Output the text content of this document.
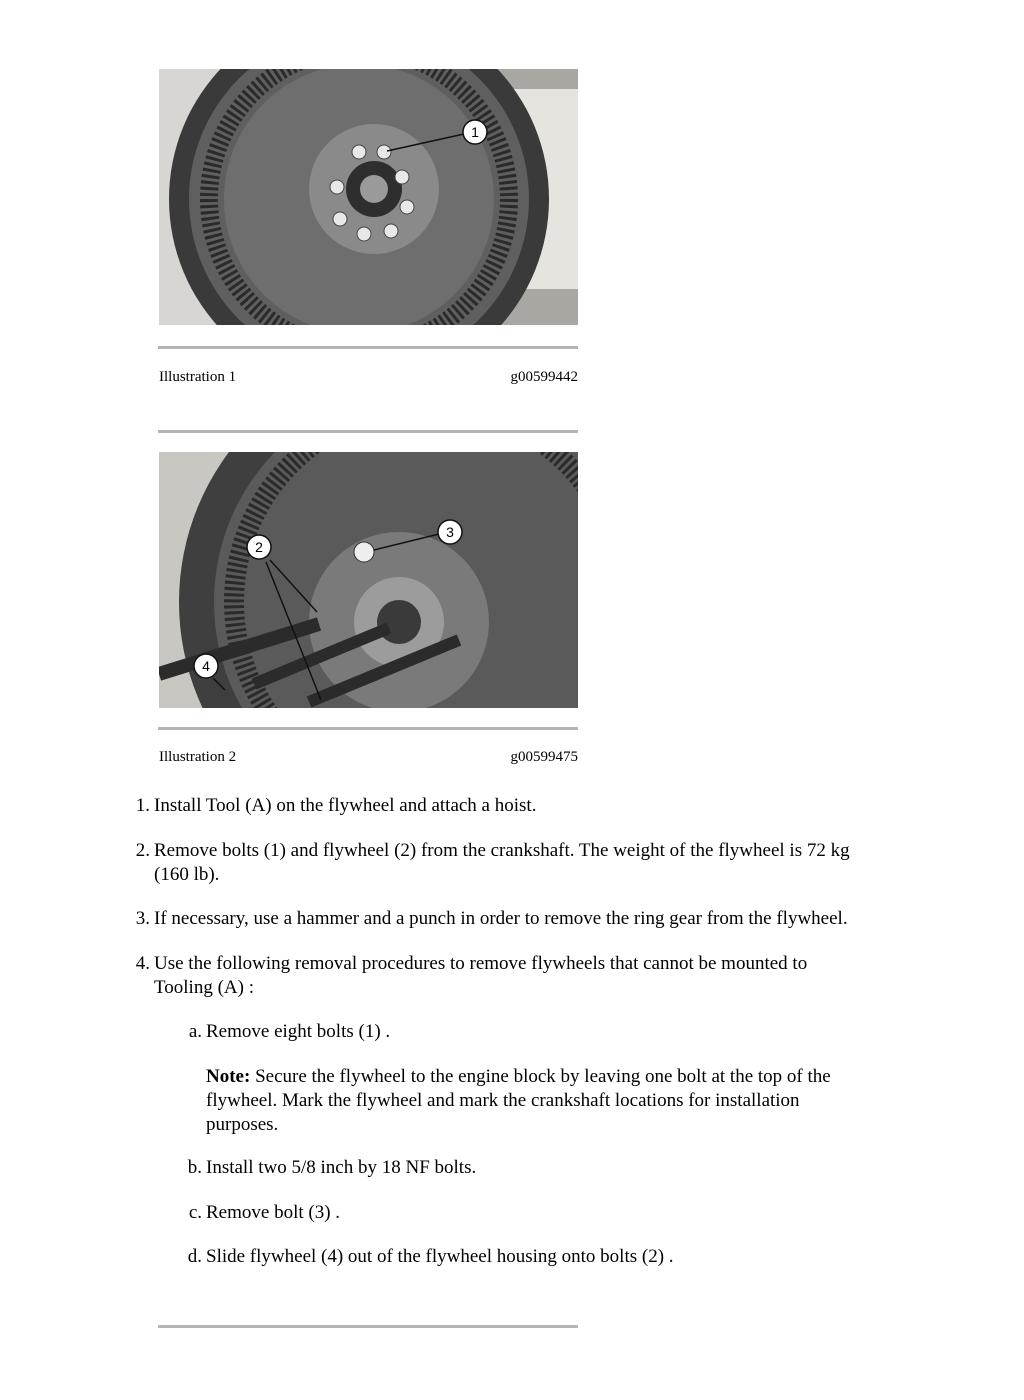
1
Illustration 1	g00599442
2
3
4
Illustration 2	g00599475
1. Install Tool (A) on the flywheel and attach a hoist.
2. Remove bolts (1) and flywheel (2) from the crankshaft. The weight of the flywheel is 72 kg
(160 lb).
3. If necessary, use a hammer and a punch in order to remove the ring gear from the flywheel.
4. Use the following removal procedures to remove flywheels that cannot be mounted to
Tooling (A) :
a. Remove eight bolts (1) .
Note: Secure the flywheel to the engine block by leaving one bolt at the top of the
flywheel. Mark the flywheel and mark the crankshaft locations for installation
purposes.
b. Install two 5/8 inch by 18 NF bolts.
c. Remove bolt (3) .
d. Slide flywheel (4) out of the flywheel housing onto bolts (2) .
